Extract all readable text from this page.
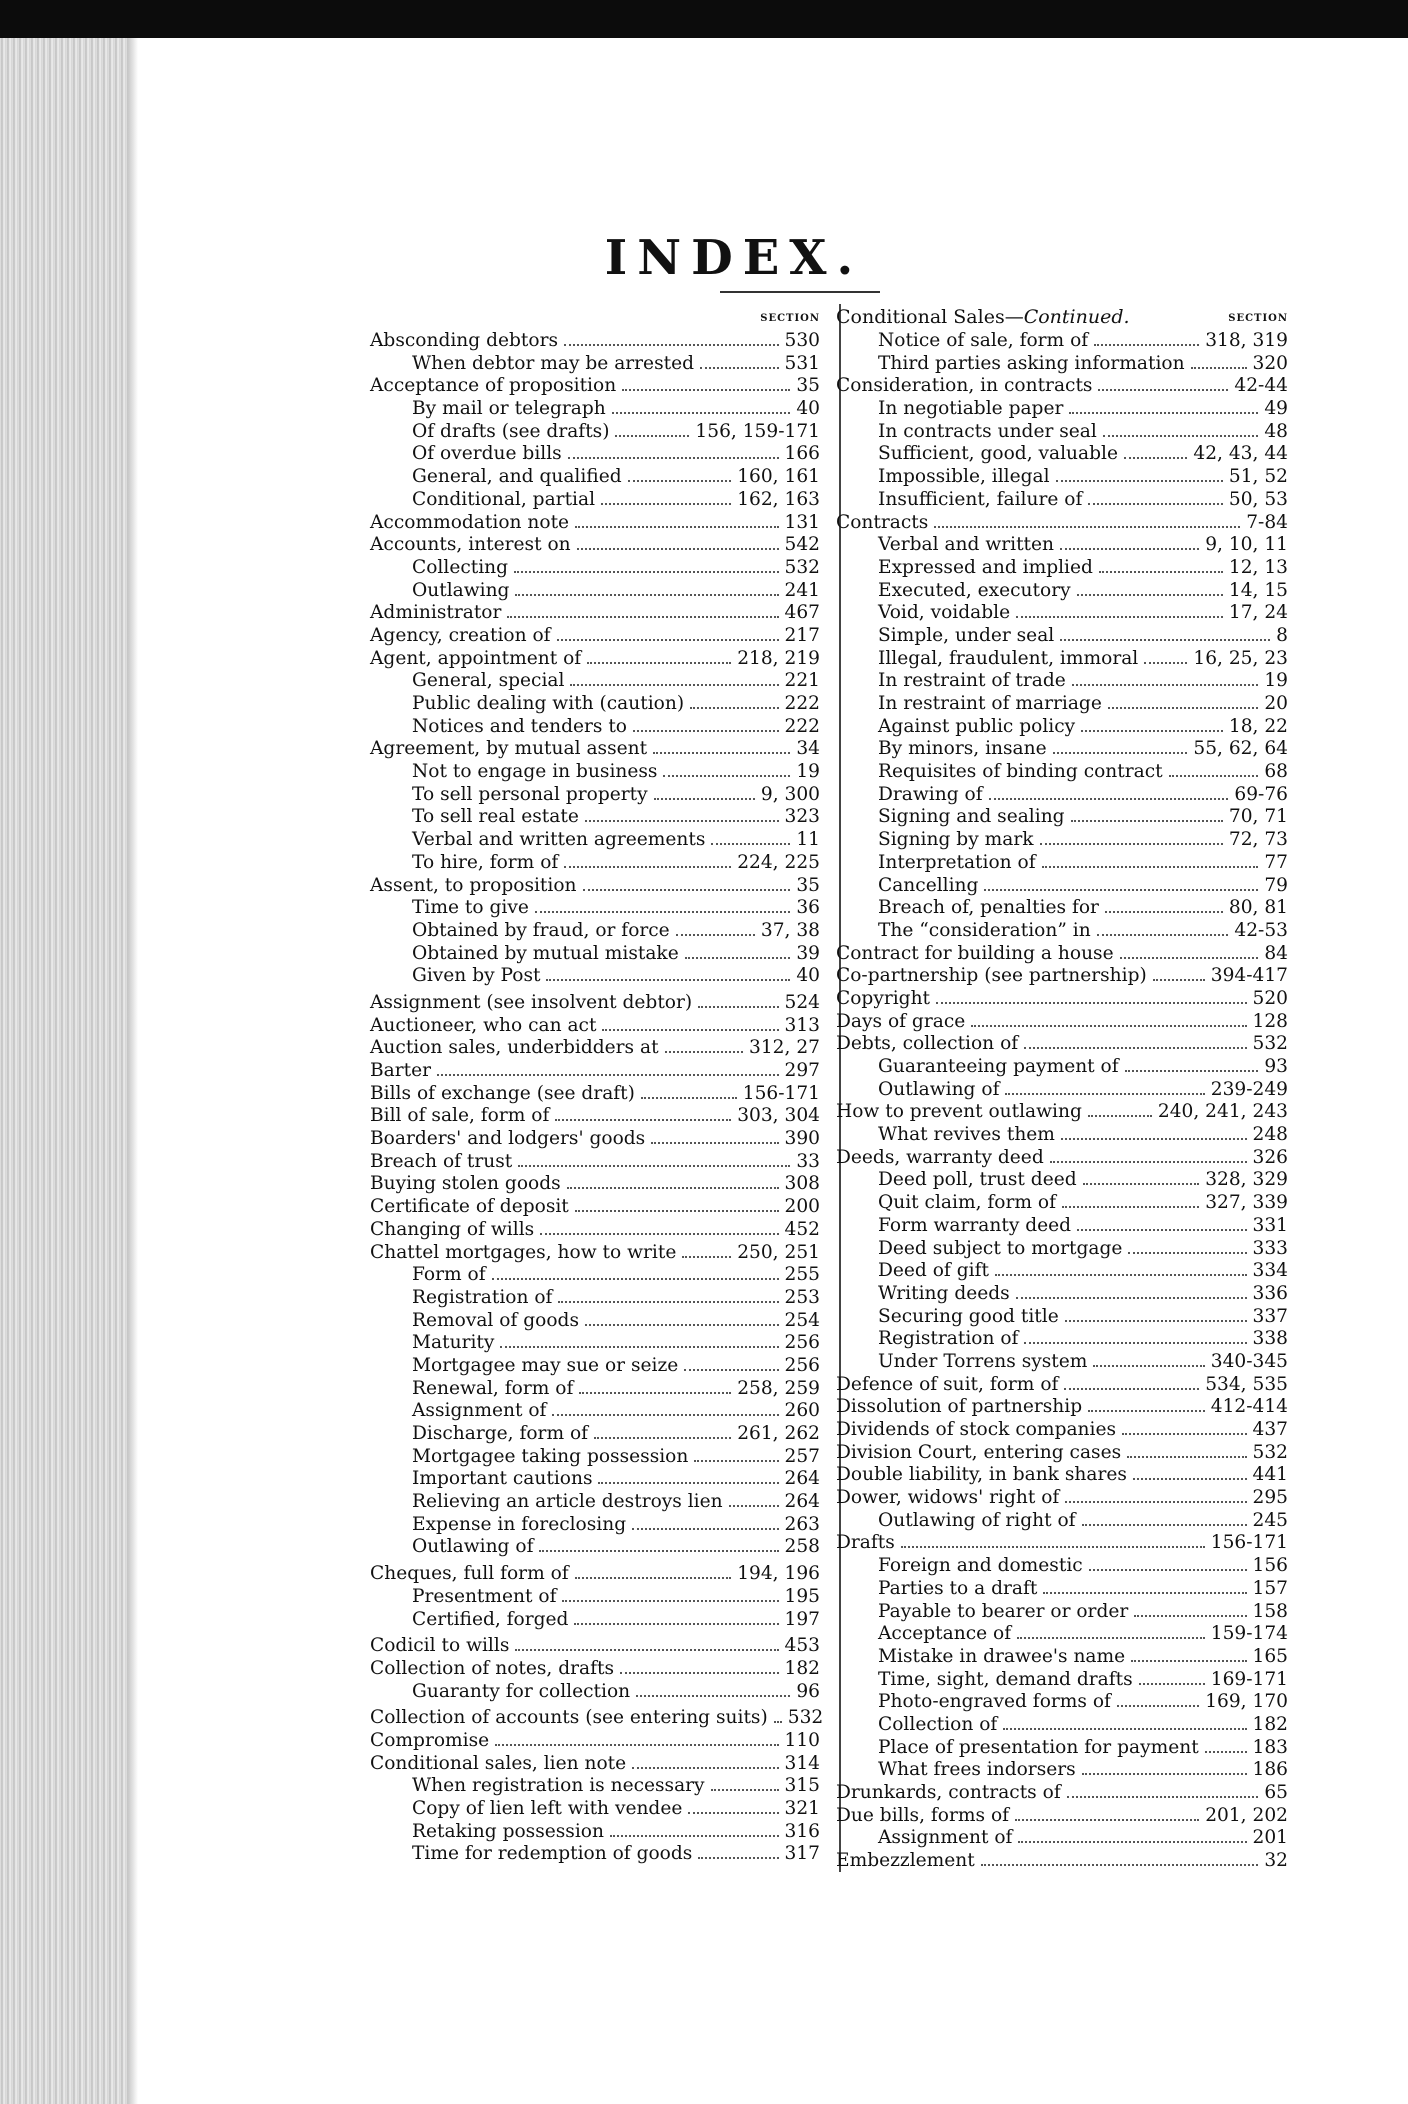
INDEX.
SECTION
Absconding debtors	530
When debtor may be arrested	531
Acceptance of proposition	35
By mail or telegraph	40
Of drafts (see drafts)	156, 159-171
Of overdue bills	166
General, and qualified	160, 161
Conditional, partial	162, 163
Accommodation note	131
Accounts, interest on	542
Collecting	532
Outlawing	241
Administrator	467
Agency, creation of	217
Agent, appointment of	218, 219
General, special	221
Public dealing with (caution)	222
Notices and tenders to	222
Agreement, by mutual assent	34
Not to engage in business	19
To sell personal property	9, 300
To sell real estate	323
Verbal and written agreements	11
To hire, form of	224, 225
Assent, to proposition	35
Time to give	36
Obtained by fraud, or force	37, 38
Obtained by mutual mistake	39
Given by Post	40
Assignment (see insolvent debtor)	524
Auctioneer, who can act	313
Auction sales, underbidders at	312, 27
Barter	297
Bills of exchange (see draft)	156-171
Bill of sale, form of	303, 304
Boarders' and lodgers' goods	390
Breach of trust	33
Buying stolen goods	308
Certificate of deposit	200
Changing of wills	452
Chattel mortgages, how to write	250, 251
Form of	255
Registration of	253
Removal of goods	254
Maturity	256
Mortgagee may sue or seize	256
Renewal, form of	258, 259
Assignment of	260
Discharge, form of	261, 262
Mortgagee taking possession	257
Important cautions	264
Relieving an article destroys lien	264
Expense in foreclosing	263
Outlawing of	258
Cheques, full form of	194, 196
Presentment of	195
Certified, forged	197
Codicil to wills	453
Collection of notes, drafts	182
Guaranty for collection	96
Collection of accounts (see entering suits) 532
Compromise	110
Conditional sales, lien note	314
When registration is necessary	315
Copy of lien left with vendee	321
Retaking possession	316
Time for redemption of goods	317
Conditional Sales—Continued.	SECTION
Notice of sale, form of	318, 319
Third parties asking information	320
Consideration, in contracts	42-44
In negotiable paper	49
In contracts under seal	48
Sufficient, good, valuable	42, 43, 44
Impossible, illegal	51, 52
Insufficient, failure of	50, 53
Contracts	7-84
Verbal and written	9, 10, 11
Expressed and implied	12, 13
Executed, executory	14, 15
Void, voidable	17, 24
Simple, under seal	8
Illegal, fraudulent, immoral	16, 25, 23
In restraint of trade	19
In restraint of marriage	20
Against public policy	18, 22
By minors, insane	55, 62, 64
Requisites of binding contract	68
Drawing of	69-76
Signing and sealing	70, 71
Signing by mark	72, 73
Interpretation of	77
Cancelling	79
Breach of, penalties for	80, 81
The “consideration” in	42-53
Contract for building a house	84
Co-partnership (see partnership)	394-417
Copyright	520
Days of grace	128
Debts, collection of	532
Guaranteeing payment of	93
Outlawing of	239-249
How to prevent outlawing	240, 241, 243
What revives them	248
Deeds, warranty deed	326
Deed poll, trust deed	328, 329
Quit claim, form of	327, 339
Form warranty deed	331
Deed subject to mortgage	333
Deed of gift	334
Writing deeds	336
Securing good title	337
Registration of	338
Under Torrens system	340-345
Defence of suit, form of	534, 535
Dissolution of partnership	412-414
Dividends of stock companies	437
Division Court, entering cases	532
Double liability, in bank shares	441
Dower, widows' right of	295
Outlawing of right of	245
Drafts	156-171
Foreign and domestic	156
Parties to a draft	157
Payable to bearer or order	158
Acceptance of	159-174
Mistake in drawee's name	165
Time, sight, demand drafts	169-171
Photo-engraved forms of	169, 170
Collection of	182
Place of presentation for payment	183
What frees indorsers	186
Drunkards, contracts of	65
Due bills, forms of	201, 202
Assignment of	201
Embezzlement	32
